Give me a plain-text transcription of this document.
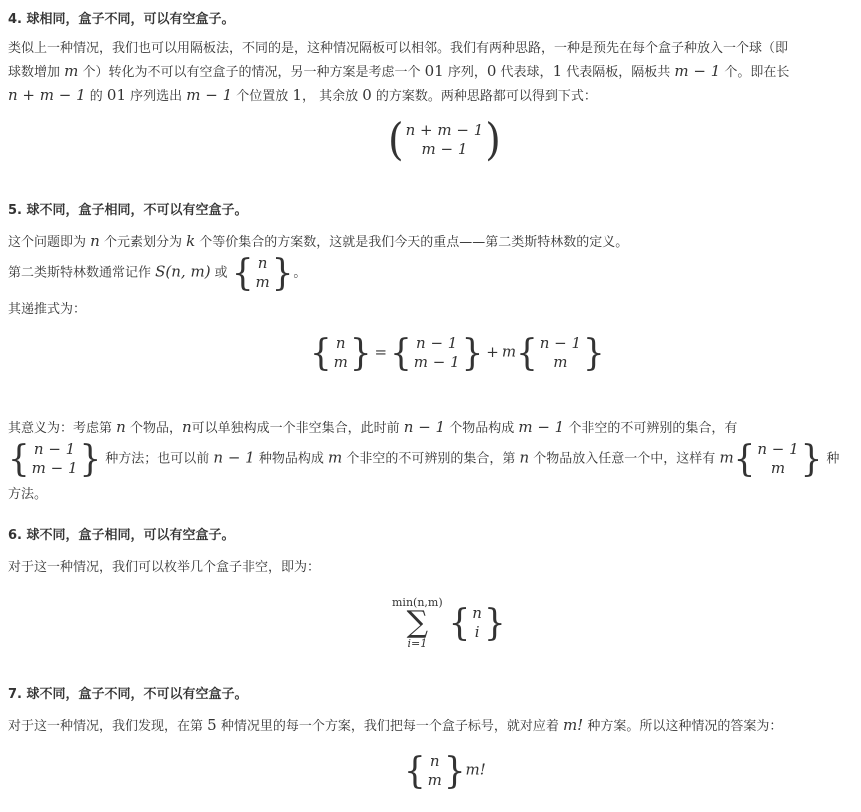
4. 球相同，盒子不同，可以有空盒子。

类似上一种情况，我们也可以用隔板法，不同的是，这种情况隔板可以相邻。我们有两种思路，一种是预先在每个盒子种放入一个球（即

球数增加 m 个）转化为不可以有空盒子的情况，另一种方案是考虑一个 01 序列，0 代表球，1 代表隔板，隔板共 m − 1 个。即在长

n + m − 1 的 01 序列选出 m − 1 个位置放 1， 其余放 0 的方案数。两种思路都可以得到下式：

( n + m − 1
m − 1 )
5. 球不同，盒子相同，不可以有空盒子。

这个问题即为 n 个元素划分为 k 个等价集合的方案数，这就是我们今天的重点——第二类斯特林数的定义。

第二类斯特林数通常记作 S(n, m) 或 { n
m } 。

其递推式为：

{ n
m } = { n − 1
m − 1 } + m { n − 1
m }

其意义为：考虑第 n 个物品，n可以单独构成一个非空集合，此时前 n − 1 个物品构成 m − 1 个非空的不可辨别的集合，有

{ n − 1
m − 1 } 种方法；也可以前 n − 1 种物品构成 m 个非空的不可辨别的集合，第 n 个物品放入任意一个中，这样有 m { n − 1
m } 种

方法。

6. 球不同，盒子相同，可以有空盒子。

对于这一种情况，我们可以枚举几个盒子非空，即为：

min(n,m)
∑
i=1 { n
i }
7. 球不同，盒子不同，不可以有空盒子。

对于这一种情况，我们发现，在第 5 种情况里的每一个方案，我们把每一个盒子标号，就对应着 m! 种方案。所以这种情况的答案为：

{ n
m } m!
